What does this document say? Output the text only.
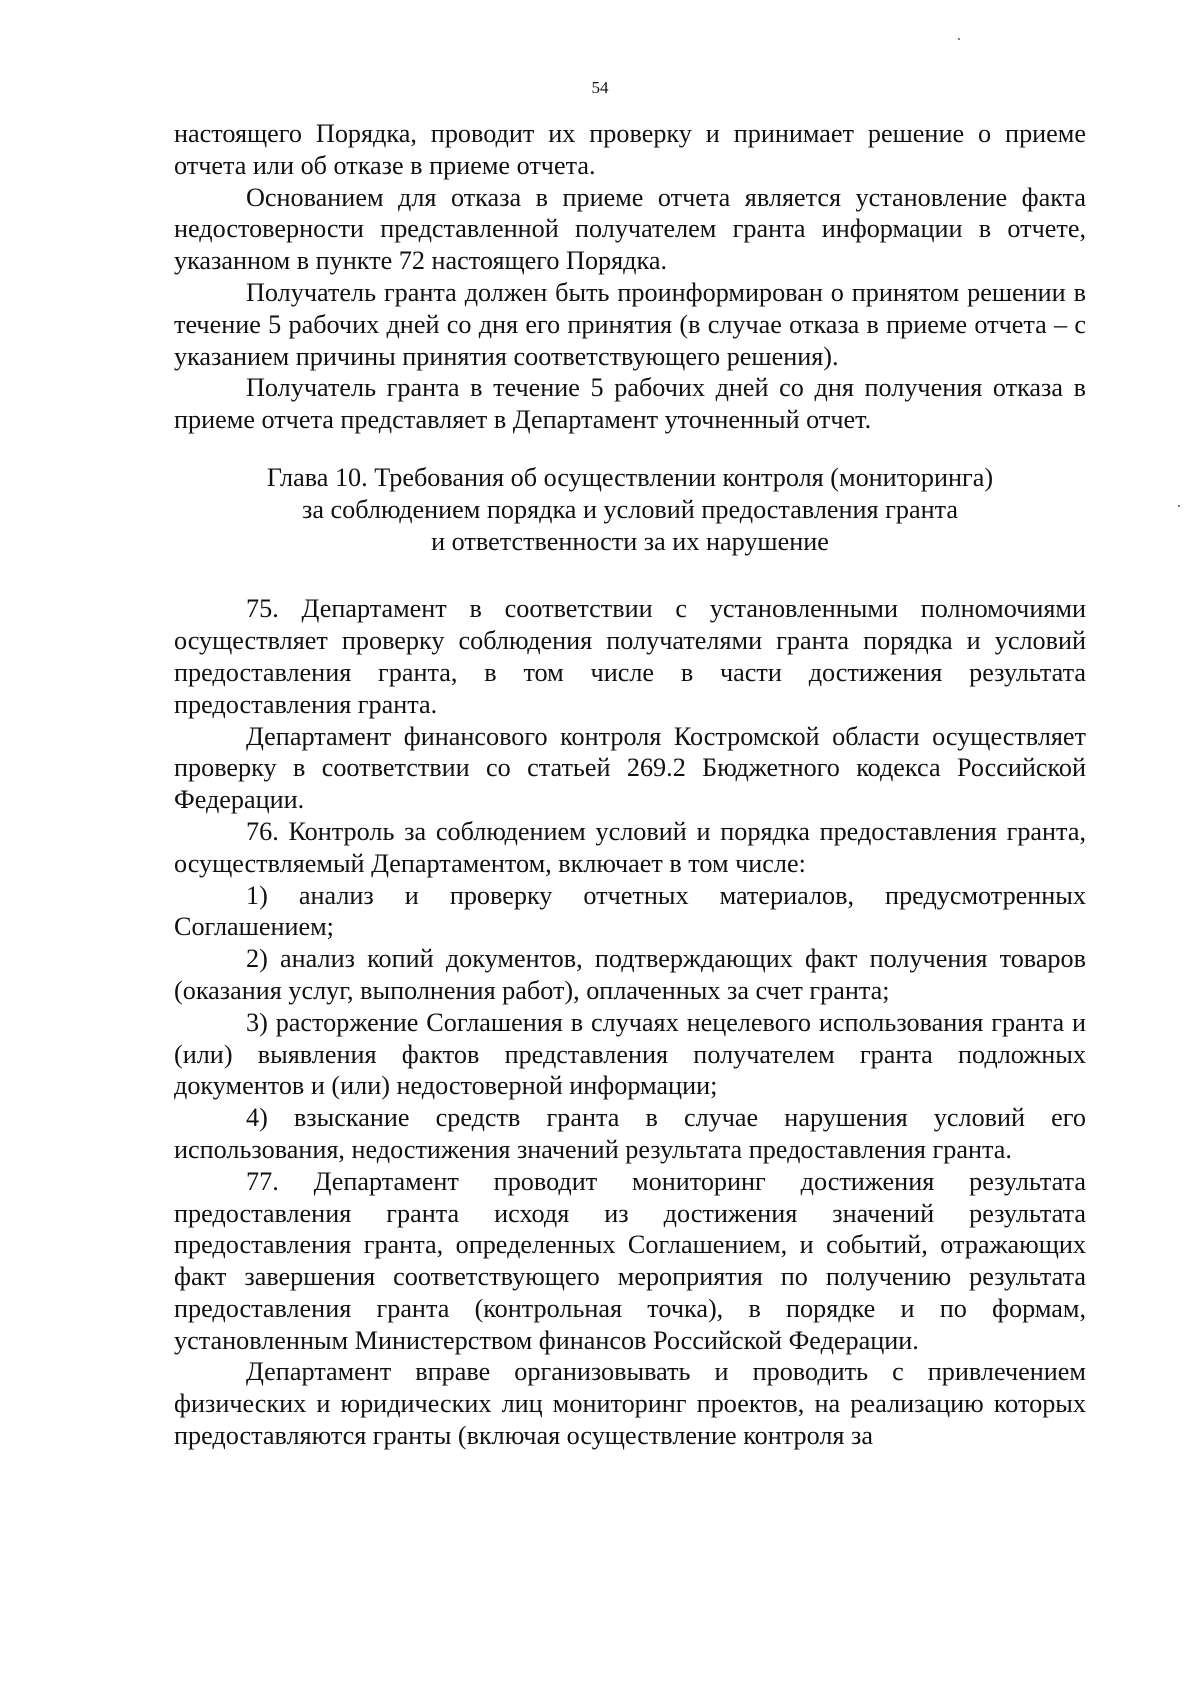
54

настоящего Порядка, проводит их проверку и принимает решение о приеме отчета или об отказе в приеме отчета.

Основанием для отказа в приеме отчета является установление факта недостоверности представленной получателем гранта информации в отчете, указанном в пункте 72 настоящего Порядка.

Получатель гранта должен быть проинформирован о принятом решении в течение 5 рабочих дней со дня его принятия (в случае отказа в приеме отчета – с указанием причины принятия соответствующего решения).

Получатель гранта в течение 5 рабочих дней со дня получения отказа в приеме отчета представляет в Департамент уточненный отчет.

Глава 10. Требования об осуществлении контроля (мониторинга)
за соблюдением порядка и условий предоставления гранта
и ответственности за их нарушение

75. Департамент в соответствии с установленными полномочиями осуществляет проверку соблюдения получателями гранта порядка и условий предоставления гранта, в том числе в части достижения результата предоставления гранта.

Департамент финансового контроля Костромской области осуществляет проверку в соответствии со статьей 269.2 Бюджетного кодекса Российской Федерации.

76. Контроль за соблюдением условий и порядка предоставления гранта, осуществляемый Департаментом, включает в том числе:

1) анализ и проверку отчетных материалов, предусмотренных Соглашением;

2) анализ копий документов, подтверждающих факт получения товаров (оказания услуг, выполнения работ), оплаченных за счет гранта;

3) расторжение Соглашения в случаях нецелевого использования гранта и (или) выявления фактов представления получателем гранта подложных документов и (или) недостоверной информации;

4) взыскание средств гранта в случае нарушения условий его использования, недостижения значений результата предоставления гранта.

77. Департамент проводит мониторинг достижения результата предоставления гранта исходя из достижения значений результата предоставления гранта, определенных Соглашением, и событий, отражающих факт завершения соответствующего мероприятия по получению результата предоставления гранта (контрольная точка), в порядке и по формам, установленным Министерством финансов Российской Федерации.

Департамент вправе организовывать и проводить с привлечением физических и юридических лиц мониторинг проектов, на реализацию которых предоставляются гранты (включая осуществление контроля за
